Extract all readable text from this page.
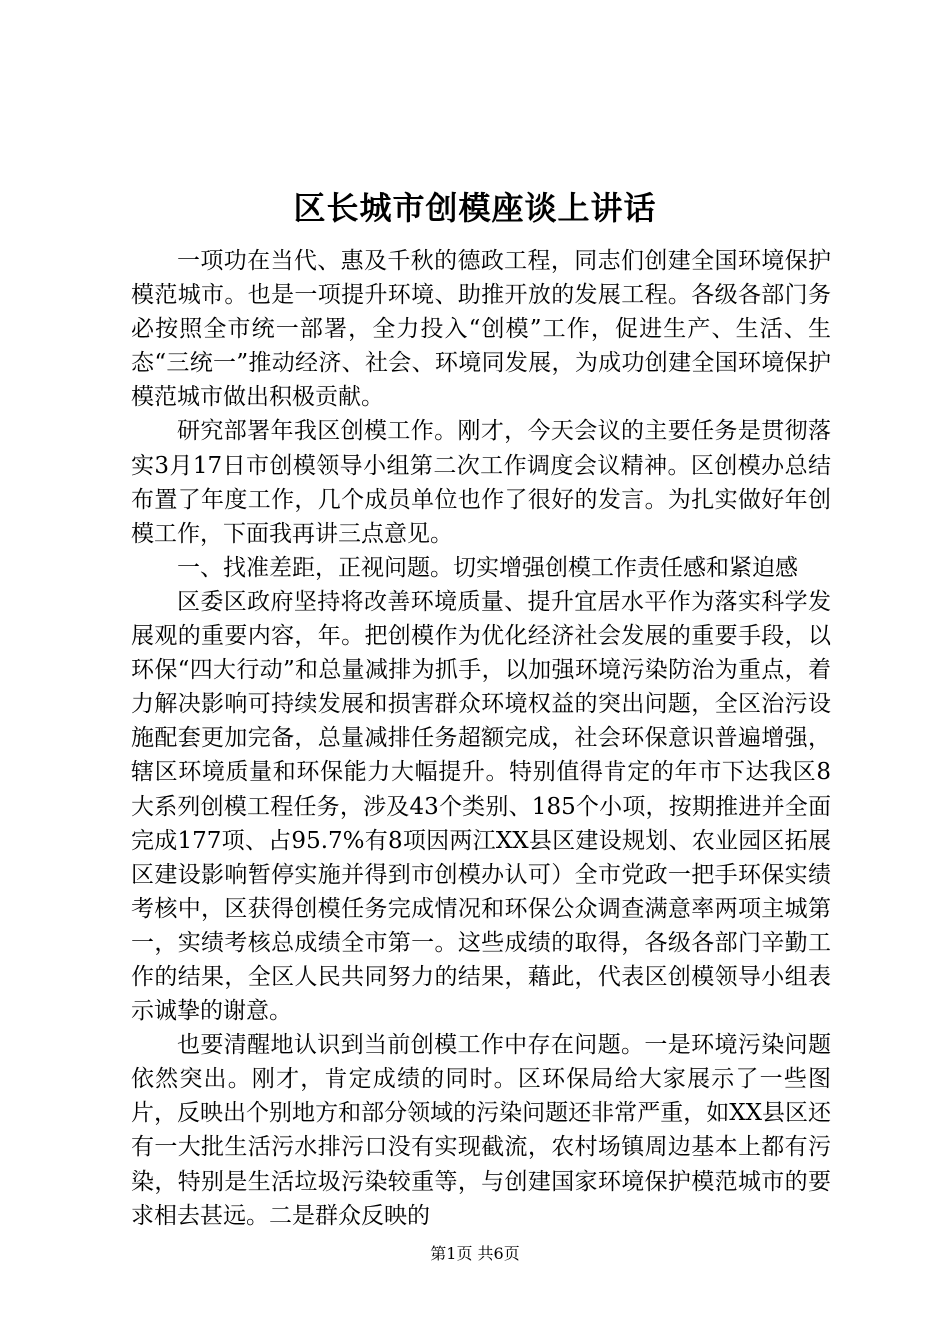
区长城市创模座谈上讲话

一项功在当代、惠及千秋的德政工程，同志们创建全国环境保护模范城市。也是一项提升环境、助推开放的发展工程。各级各部门务必按照全市统一部署，全力投入“创模”工作，促进生产、生活、生态“三统一”推动经济、社会、环境同发展，为成功创建全国环境保护模范城市做出积极贡献。

研究部署年我区创模工作。刚才，今天会议的主要任务是贯彻落实3月17日市创模领导小组第二次工作调度会议精神。区创模办总结布置了年度工作，几个成员单位也作了很好的发言。为扎实做好年创模工作，下面我再讲三点意见。

一、找准差距，正视问题。切实增强创模工作责任感和紧迫感

区委区政府坚持将改善环境质量、提升宜居水平作为落实科学发展观的重要内容，年。把创模作为优化经济社会发展的重要手段，以环保“四大行动”和总量减排为抓手，以加强环境污染防治为重点，着力解决影响可持续发展和损害群众环境权益的突出问题，全区治污设施配套更加完备，总量减排任务超额完成，社会环保意识普遍增强，辖区环境质量和环保能力大幅提升。特别值得肯定的年市下达我区8大系列创模工程任务，涉及43个类别、185个小项，按期推进并全面完成177项、占95.7%有8项因两江XX县区建设规划、农业园区拓展区建设影响暂停实施并得到市创模办认可）全市党政一把手环保实绩考核中，区获得创模任务完成情况和环保公众调查满意率两项主城第一，实绩考核总成绩全市第一。这些成绩的取得，各级各部门辛勤工作的结果，全区人民共同努力的结果，藉此，代表区创模领导小组表示诚挚的谢意。

也要清醒地认识到当前创模工作中存在问题。一是环境污染问题依然突出。刚才，肯定成绩的同时。区环保局给大家展示了一些图片，反映出个别地方和部分领域的污染问题还非常严重，如XX县区还有一大批生活污水排污口没有实现截流，农村场镇周边基本上都有污染，特别是生活垃圾污染较重等，与创建国家环境保护模范城市的要求相去甚远。二是群众反映的

第1页 共6页
